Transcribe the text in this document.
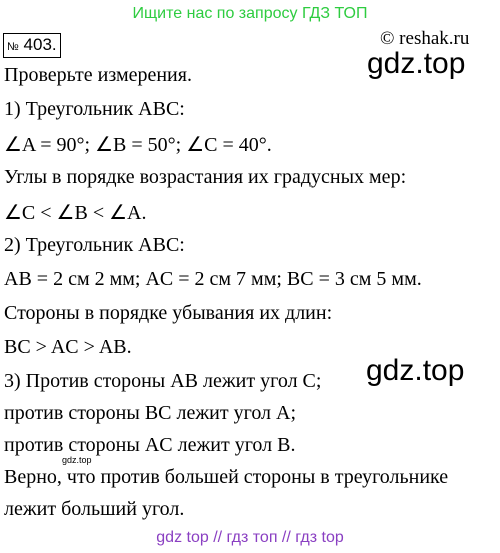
Ищите нас по запросу ГДЗ ТОП
№ 403.	© reshak.ru
gdz.top
Проверьте измерения.
1) Треугольник ABC:
∠A = 90°; ∠B = 50°; ∠C = 40°.
Углы в порядке возрастания их градусных мер:
∠C < ∠B < ∠A.
2) Треугольник ABC:
AB = 2 см 2 мм; AC = 2 см 7 мм; BC = 3 см 5 мм.
Стороны в порядке убывания их длин:
BC > AC > AB.
3) Против стороны AB лежит угол C; gdz.top
против стороны BC лежит угол A;
против стороны AC лежит угол B.
gdz.top
Верно, что против большей стороны в треугольнике
лежит больший угол.
gdz top // гдз топ // гдз top
